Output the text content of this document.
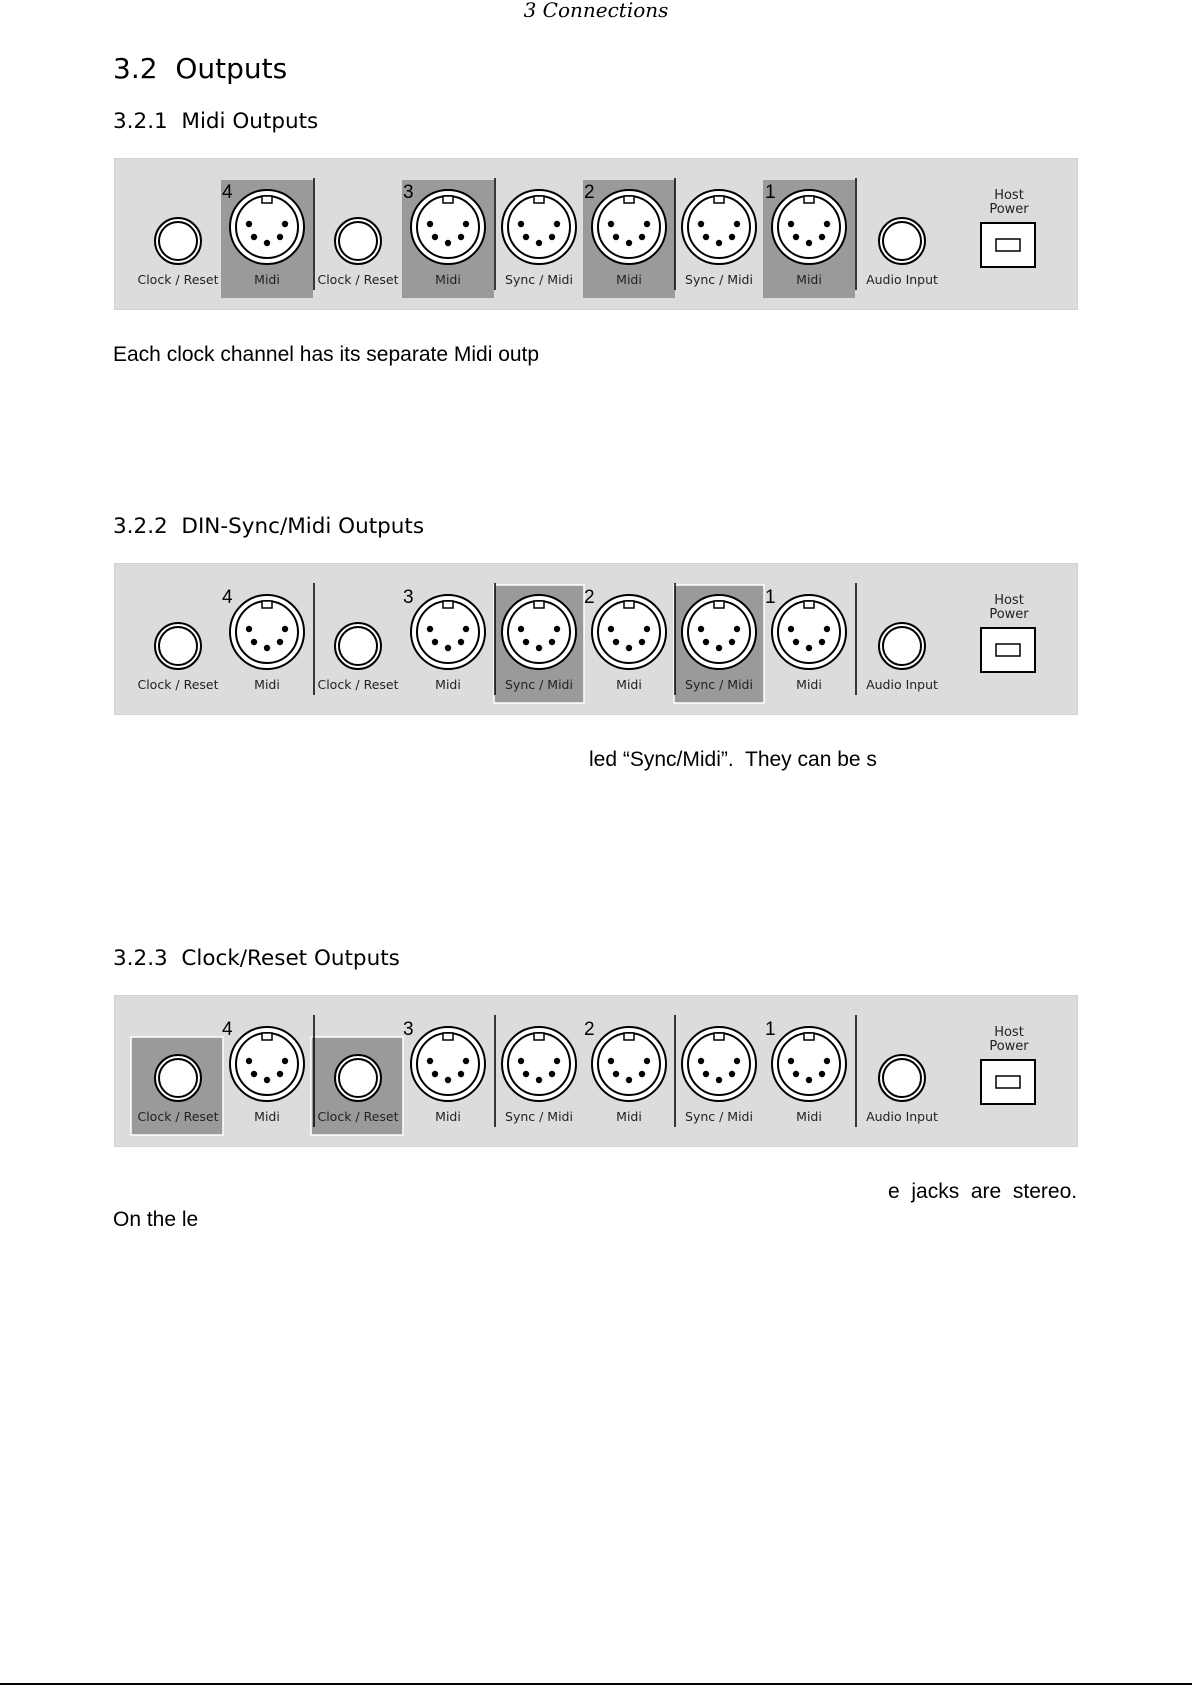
3 Connections
3.2 Outputs
3.2.1 Midi Outputs
4	3	2	1
Clock / Reset	Clock / Reset
Midi	Midi	Midi	Midi
Sync / Midi	Sync / Midi	Audio Input
Host
Power
Each clock channel has its separate Midi outp
3.2.2 DIN-Sync/Midi Outputs
4	3	2	1
Clock / Reset	Clock / Reset
Midi	Midi	Midi	Midi
Sync / Midi	Sync / Midi	Audio Input
Host
Power
led “Sync/Midi”.  They can be s
3.2.3 Clock/Reset Outputs
4	3	2	1
Clock / Reset	Clock / Reset
Midi	Midi	Midi	Midi
Sync / Midi	Sync / Midi	Audio Input
Host
Power
e  jacks  are  stereo.
On the le
